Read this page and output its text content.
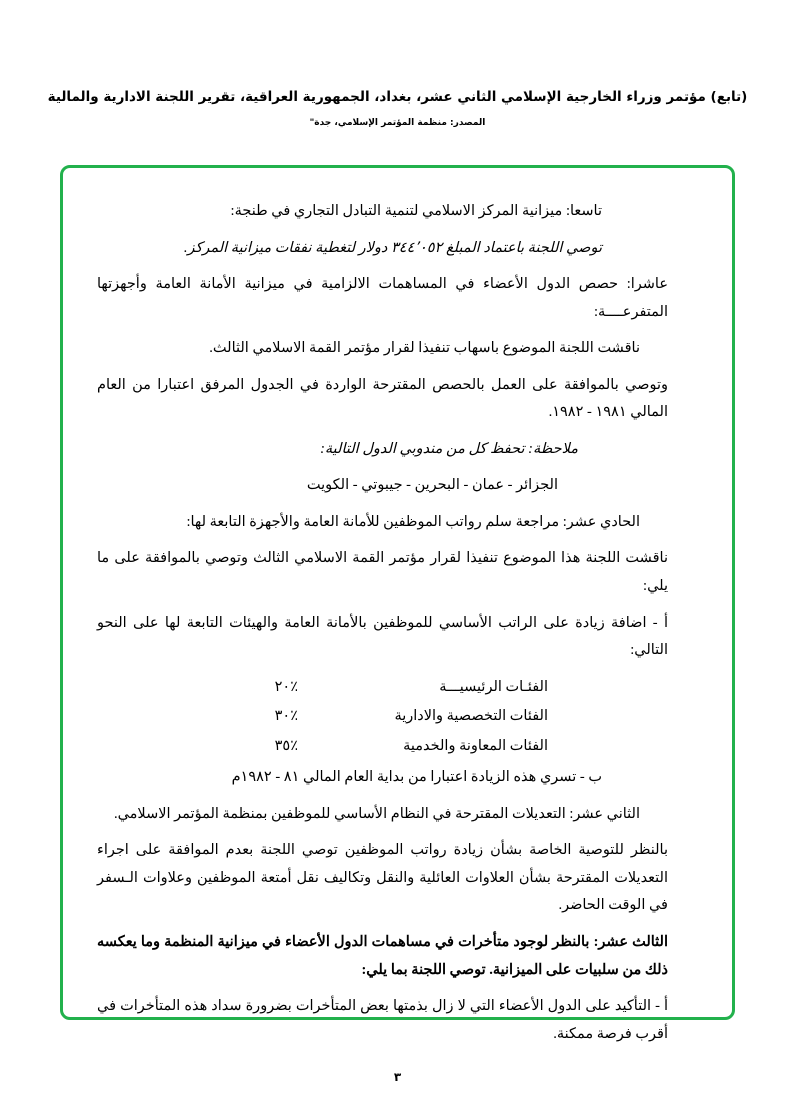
(تابع) مؤتمر وزراء الخارجية الإسلامي الثاني عشر، بغداد، الجمهورية العراقية، تقرير اللجنة الادارية والمالية
المصدر: منظمة المؤتمر الإسلامي، جدة"

تاسعا: ميزانية المركز الاسلامي لتنمية التبادل التجاري في طنجة:

توصي اللجنة باعتماد المبلغ ٣٤٤٬٠٥٢ دولار لتغطية نفقات ميزانية المركز.

عاشرا: حصص الدول الأعضاء في المساهمات الالزامية في ميزانية الأمانة العامة وأجهزتها المتفرعــــة:

ناقشت اللجنة الموضوع باسهاب تنفيذا لقرار مؤتمر القمة الاسلامي الثالث.

وتوصي بالموافقة على العمل بالحصص المقترحة الواردة في الجدول المرفق اعتبارا من العام المالي ١٩٨١ - ١٩٨٢.

ملاحظة: تحفظ كل من مندوبي الدول التالية:

الجزائر - عمان - البحرين - جيبوتي - الكويت

الحادي عشر: مراجعة سلم رواتب الموظفين للأمانة العامة والأجهزة التابعة لها:

ناقشت اللجنة هذا الموضوع تنفيذا لقرار مؤتمر القمة الاسلامي الثالث وتوصي بالموافقة على ما يلي:

أ - اضافة زيادة على الراتب الأساسي للموظفين بالأمانة العامة والهيئات التابعة لها على النحو التالي:

الفئـات الرئيسيـــة
٢٠٪
الفئات التخصصية والادارية
٣٠٪
الفئات المعاونة والخدمية
٣٥٪

ب - تسري هذه الزيادة اعتبارا من بداية العام المالي ٨١ - ١٩٨٢م

الثاني عشر: التعديلات المقترحة في النظام الأساسي للموظفين بمنظمة المؤتمر الاسلامي.

بالنظر للتوصية الخاصة بشأن زيادة رواتب الموظفين توصي اللجنة بعدم الموافقة على اجراء التعديلات المقترحة بشأن العلاوات العائلية والنقل وتكاليف نقل أمتعة الموظفين وعلاوات الـسفر في الوقت الحاضر.

الثالث عشر: بالنظر لوجود متأخرات في مساهمات الدول الأعضاء في ميزانية المنظمة وما يعكسه ذلك من سلبيات على الميزانية. توصي اللجنة بما يلي:

أ - التأكيد على الدول الأعضاء التي لا زال بذمتها بعض المتأخرات بضرورة سداد هذه المتأخرات في أقرب فرصة ممكنة.

٣
